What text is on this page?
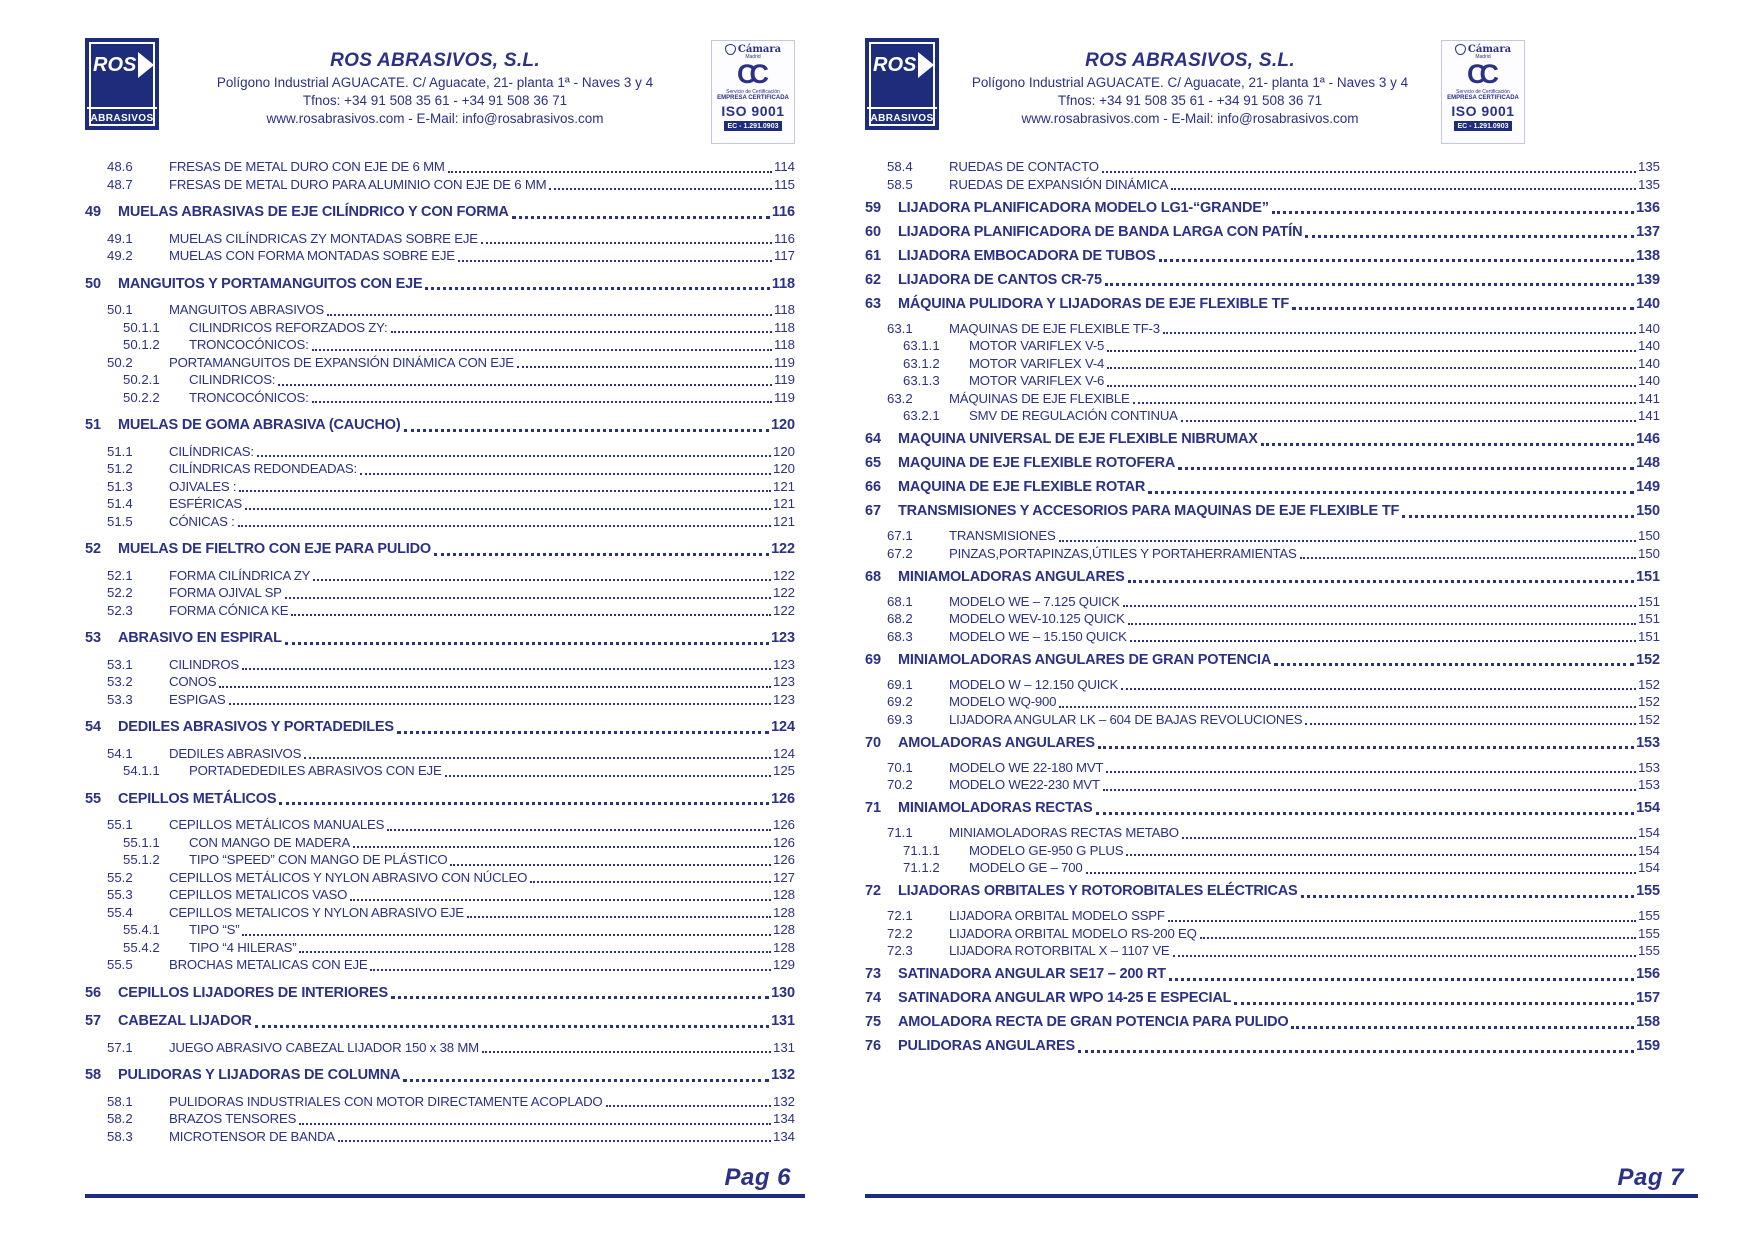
ROS
ABRASIVOS
ROS ABRASIVOS, S.L.
Polígono Industrial AGUACATE. C/ Aguacate, 21- planta 1ª - Naves 3 y 4
Tfnos: +34 91 508 35 61 - +34 91 508 36 71
www.rosabrasivos.com - E-Mail: info@rosabrasivos.com
Cámara
Madrid
CC
Servicio de Certificación
EMPRESA CERTIFICADA
ISO 9001
EC - 1.291.0903
48.6	FRESAS DE METAL DURO CON EJE DE 6 MM	114
48.7	FRESAS DE METAL DURO PARA ALUMINIO CON EJE DE 6 MM	115
49	MUELAS ABRASIVAS DE EJE CILÍNDRICO Y CON FORMA	116
49.1	MUELAS CILÍNDRICAS ZY MONTADAS SOBRE EJE	116
49.2	MUELAS CON FORMA MONTADAS SOBRE EJE	117
50	MANGUITOS Y PORTAMANGUITOS CON EJE	118
50.1	MANGUITOS ABRASIVOS	118
50.1.1	CILINDRICOS REFORZADOS ZY:	118
50.1.2	TRONCOCÓNICOS:	118
50.2	PORTAMANGUITOS DE EXPANSIÓN DINÁMICA CON EJE	119
50.2.1	CILINDRICOS:	119
50.2.2	TRONCOCÓNICOS:	119
51	MUELAS DE GOMA ABRASIVA (CAUCHO)	120
51.1	CILÍNDRICAS:	120
51.2	CILÍNDRICAS REDONDEADAS:	120
51.3	OJIVALES :	121
51.4	ESFÉRICAS	121
51.5	CÓNICAS :	121
52	MUELAS DE FIELTRO CON EJE PARA PULIDO	122
52.1	FORMA CILÍNDRICA ZY	122
52.2	FORMA OJIVAL SP	122
52.3	FORMA CÓNICA KE	122
53	ABRASIVO EN ESPIRAL	123
53.1	CILINDROS	123
53.2	CONOS	123
53.3	ESPIGAS	123
54	DEDILES ABRASIVOS Y PORTADEDILES	124
54.1	DEDILES ABRASIVOS	124
54.1.1	PORTADEDEDILES ABRASIVOS CON EJE	125
55	CEPILLOS METÁLICOS	126
55.1	CEPILLOS METÁLICOS MANUALES	126
55.1.1	CON MANGO DE MADERA	126
55.1.2	TIPO “SPEED” CON MANGO DE PLÁSTICO	126
55.2	CEPILLOS METÁLICOS Y NYLON ABRASIVO CON NÚCLEO	127
55.3	CEPILLOS METALICOS VASO	128
55.4	CEPILLOS METALICOS Y NYLON ABRASIVO EJE	128
55.4.1	TIPO “S”	128
55.4.2	TIPO “4 HILERAS”	128
55.5	BROCHAS METALICAS CON EJE	129
56	CEPILLOS LIJADORES DE INTERIORES	130
57	CABEZAL LIJADOR	131
57.1	JUEGO ABRASIVO CABEZAL LIJADOR 150 x 38 MM	131
58	PULIDORAS Y LIJADORAS DE COLUMNA	132
58.1	PULIDORAS INDUSTRIALES CON MOTOR DIRECTAMENTE ACOPLADO	132
58.2	BRAZOS TENSORES	134
58.3	MICROTENSOR DE BANDA	134
Pag 6
ROS
ABRASIVOS
ROS ABRASIVOS, S.L.
Polígono Industrial AGUACATE. C/ Aguacate, 21- planta 1ª - Naves 3 y 4
Tfnos: +34 91 508 35 61 - +34 91 508 36 71
www.rosabrasivos.com - E-Mail: info@rosabrasivos.com
Cámara
Madrid
CC
Servicio de Certificación
EMPRESA CERTIFICADA
ISO 9001
EC - 1.291.0903
58.4	RUEDAS DE CONTACTO	135
58.5	RUEDAS DE EXPANSIÓN DINÁMICA	135
59	LIJADORA PLANIFICADORA MODELO LG1-“GRANDE”	136
60	LIJADORA PLANIFICADORA DE BANDA LARGA CON PATÍN	137
61	LIJADORA EMBOCADORA DE TUBOS	138
62	LIJADORA DE CANTOS CR-75	139
63	MÁQUINA PULIDORA Y LIJADORAS DE EJE FLEXIBLE TF	140
63.1	MAQUINAS DE EJE FLEXIBLE TF-3	140
63.1.1	MOTOR VARIFLEX V-5	140
63.1.2	MOTOR VARIFLEX V-4	140
63.1.3	MOTOR VARIFLEX V-6	140
63.2	MÁQUINAS DE EJE FLEXIBLE	141
63.2.1	SMV DE REGULACIÓN CONTINUA	141
64	MAQUINA UNIVERSAL DE EJE FLEXIBLE NIBRUMAX	146
65	MAQUINA DE EJE FLEXIBLE ROTOFERA	148
66	MAQUINA DE EJE FLEXIBLE ROTAR	149
67	TRANSMISIONES Y ACCESORIOS PARA MAQUINAS DE EJE FLEXIBLE TF	150
67.1	TRANSMISIONES	150
67.2	PINZAS,PORTAPINZAS,ÚTILES Y PORTAHERRAMIENTAS	150
68	MINIAMOLADORAS ANGULARES	151
68.1	MODELO WE – 7.125 QUICK	151
68.2	MODELO WEV-10.125 QUICK	151
68.3	MODELO WE – 15.150 QUICK	151
69	MINIAMOLADORAS ANGULARES DE GRAN POTENCIA	152
69.1	MODELO W – 12.150 QUICK	152
69.2	MODELO WQ-900	152
69.3	LIJADORA ANGULAR LK – 604 DE BAJAS REVOLUCIONES	152
70	AMOLADORAS ANGULARES	153
70.1	MODELO WE 22-180 MVT	153
70.2	MODELO WE22-230 MVT	153
71	MINIAMOLADORAS RECTAS	154
71.1	MINIAMOLADORAS RECTAS METABO	154
71.1.1	MODELO GE-950 G PLUS	154
71.1.2	MODELO GE – 700	154
72	LIJADORAS ORBITALES Y ROTOROBITALES ELÉCTRICAS	155
72.1	LIJADORA ORBITAL MODELO SSPF	155
72.2	LIJADORA ORBITAL MODELO RS-200 EQ	155
72.3	LIJADORA ROTORBITAL X – 1107 VE	155
73	SATINADORA ANGULAR SE17 – 200 RT	156
74	SATINADORA ANGULAR WPO 14-25 E ESPECIAL	157
75	AMOLADORA RECTA DE GRAN POTENCIA PARA PULIDO	158
76	PULIDORAS ANGULARES	159
Pag 7
